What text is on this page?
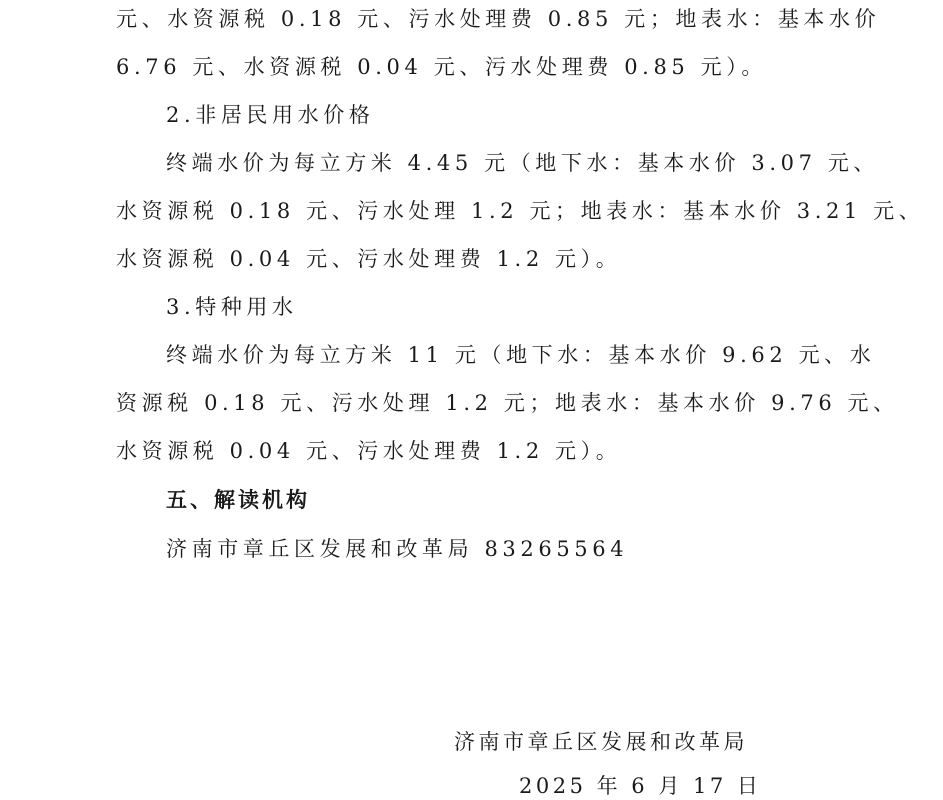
元、水资源税 0.18 元、污水处理费 0.85 元；地表水：基本水价
6.76 元、水资源税 0.04 元、污水处理费 0.85 元）。
2.非居民用水价格
终端水价为每立方米 4.45 元（地下水：基本水价 3.07 元、
水资源税 0.18 元、污水处理 1.2 元；地表水：基本水价 3.21 元、
水资源税 0.04 元、污水处理费 1.2 元）。
3.特种用水
终端水价为每立方米 11 元（地下水：基本水价 9.62 元、水
资源税 0.18 元、污水处理 1.2 元；地表水：基本水价 9.76 元、
水资源税 0.04 元、污水处理费 1.2 元）。
五、解读机构
济南市章丘区发展和改革局 83265564
济南市章丘区发展和改革局
2025 年 6 月 17 日
